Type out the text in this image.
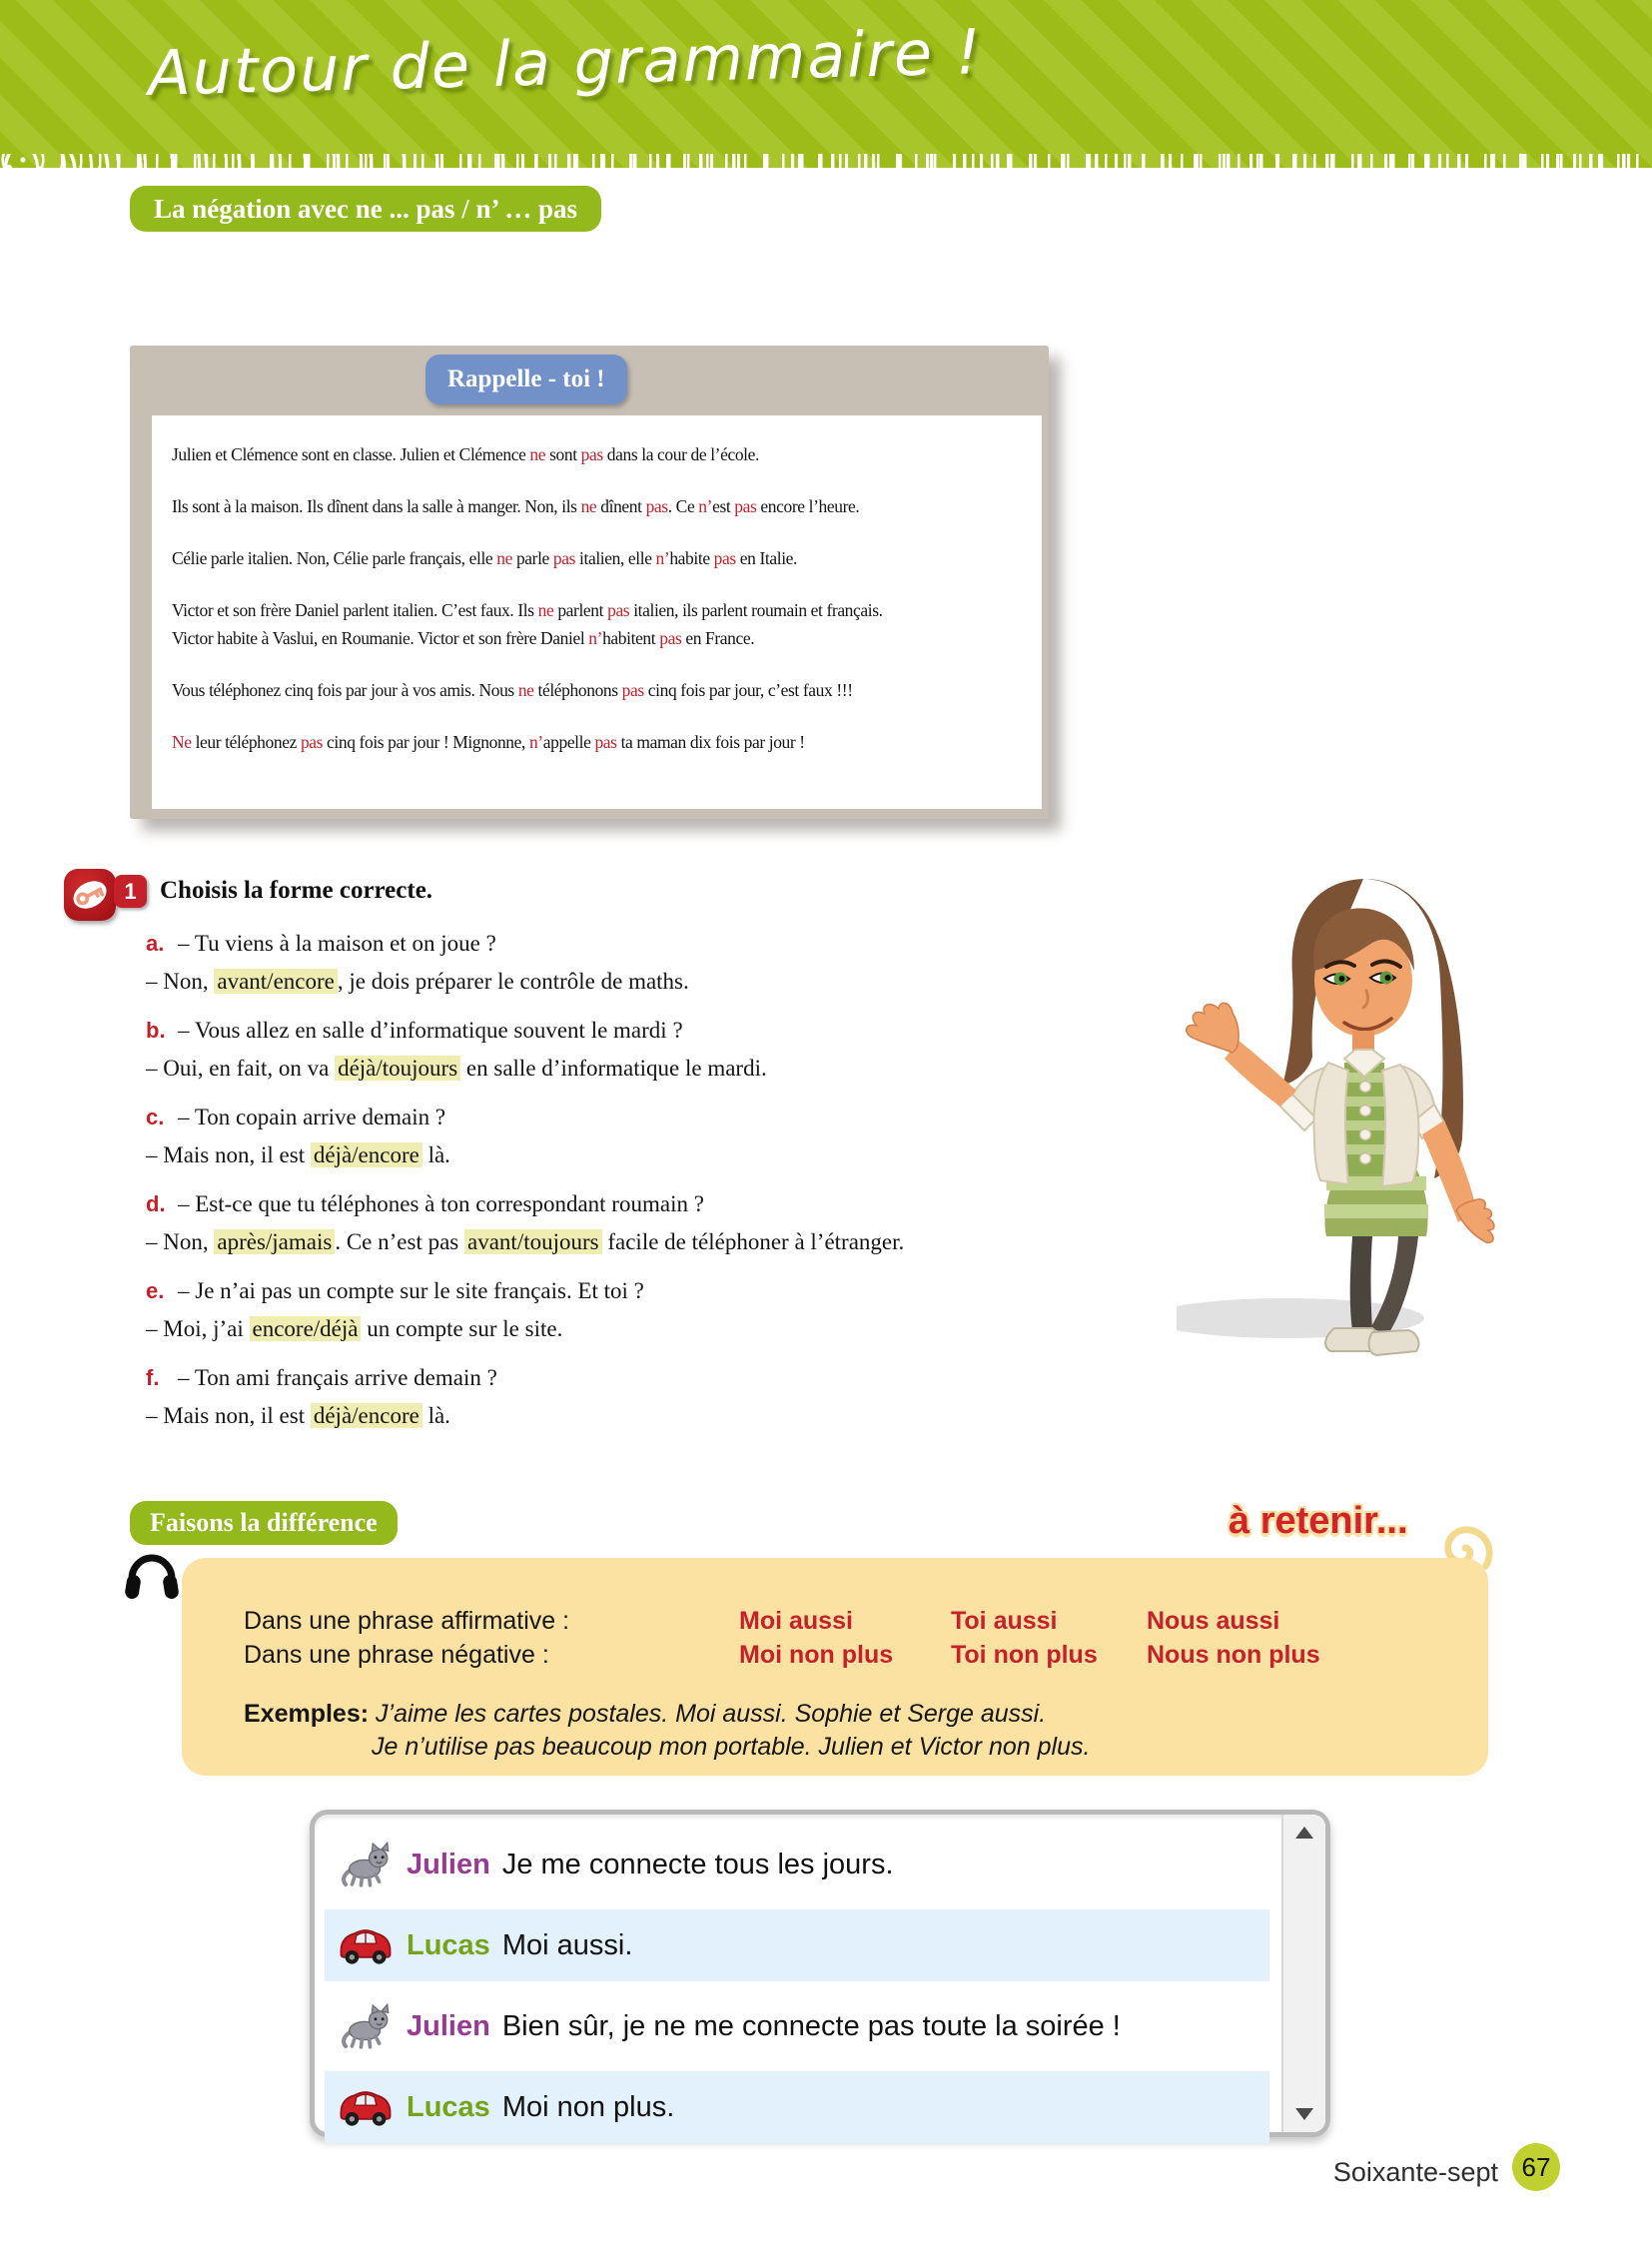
Autour de la grammaire !
La négation avec ne ... pas / n’ … pas
Rappelle - toi !
Julien et Clémence sont en classe. Julien et Clémence ne sont pas dans la cour de l’école.
Ils sont à la maison. Ils dînent dans la salle à manger. Non, ils ne dînent pas. Ce n’est pas encore l’heure.
Célie parle italien. Non, Célie parle français, elle ne parle pas italien, elle n’habite pas en Italie.
Victor et son frère Daniel parlent italien. C’est faux. Ils ne parlent pas italien, ils parlent roumain et français.
Victor habite à Vaslui, en Roumanie. Victor et son frère Daniel n’habitent pas en France.
Vous téléphonez cinq fois par jour à vos amis. Nous ne téléphonons pas cinq fois par jour, c’est faux !!!
Ne leur téléphonez pas cinq fois par jour ! Mignonne, n’appelle pas ta maman dix fois par jour !
1 Choisis la forme correcte.
a. – Tu viens à la maison et on joue ?
– Non, avant/encore , je dois préparer le contrôle de maths.
b. – Vous allez en salle d’informatique souvent le mardi ?
– Oui, en fait, on va déjà/toujours en salle d’informatique le mardi.
c. – Ton copain arrive demain ?
– Mais non, il est déjà/encore là.
d. – Est-ce que tu téléphones à ton correspondant roumain ?
– Non, après/jamais . Ce n’est pas avant/toujours facile de téléphoner à l’étranger.
e. – Je n’ai pas un compte sur le site français. Et toi ?
– Moi, j’ai encore/déjà un compte sur le site.
f. – Ton ami français arrive demain ?
– Mais non, il est déjà/encore là.
Faisons la différence	à retenir...
Dans une phrase affirmative :
Dans une phrase négative :
Moi aussi
Moi non plus
Toi aussi
Toi non plus
Nous aussi
Nous non plus
Exemples: J’aime les cartes postales. Moi aussi. Sophie et Serge aussi.
Je n’utilise pas beaucoup mon portable. Julien et Victor non plus.
Julien Je me connecte tous les jours.
Lucas Moi aussi.
Julien Bien sûr, je ne me connecte pas toute la soirée !
Lucas Moi non plus.
Soixante-sept 67
